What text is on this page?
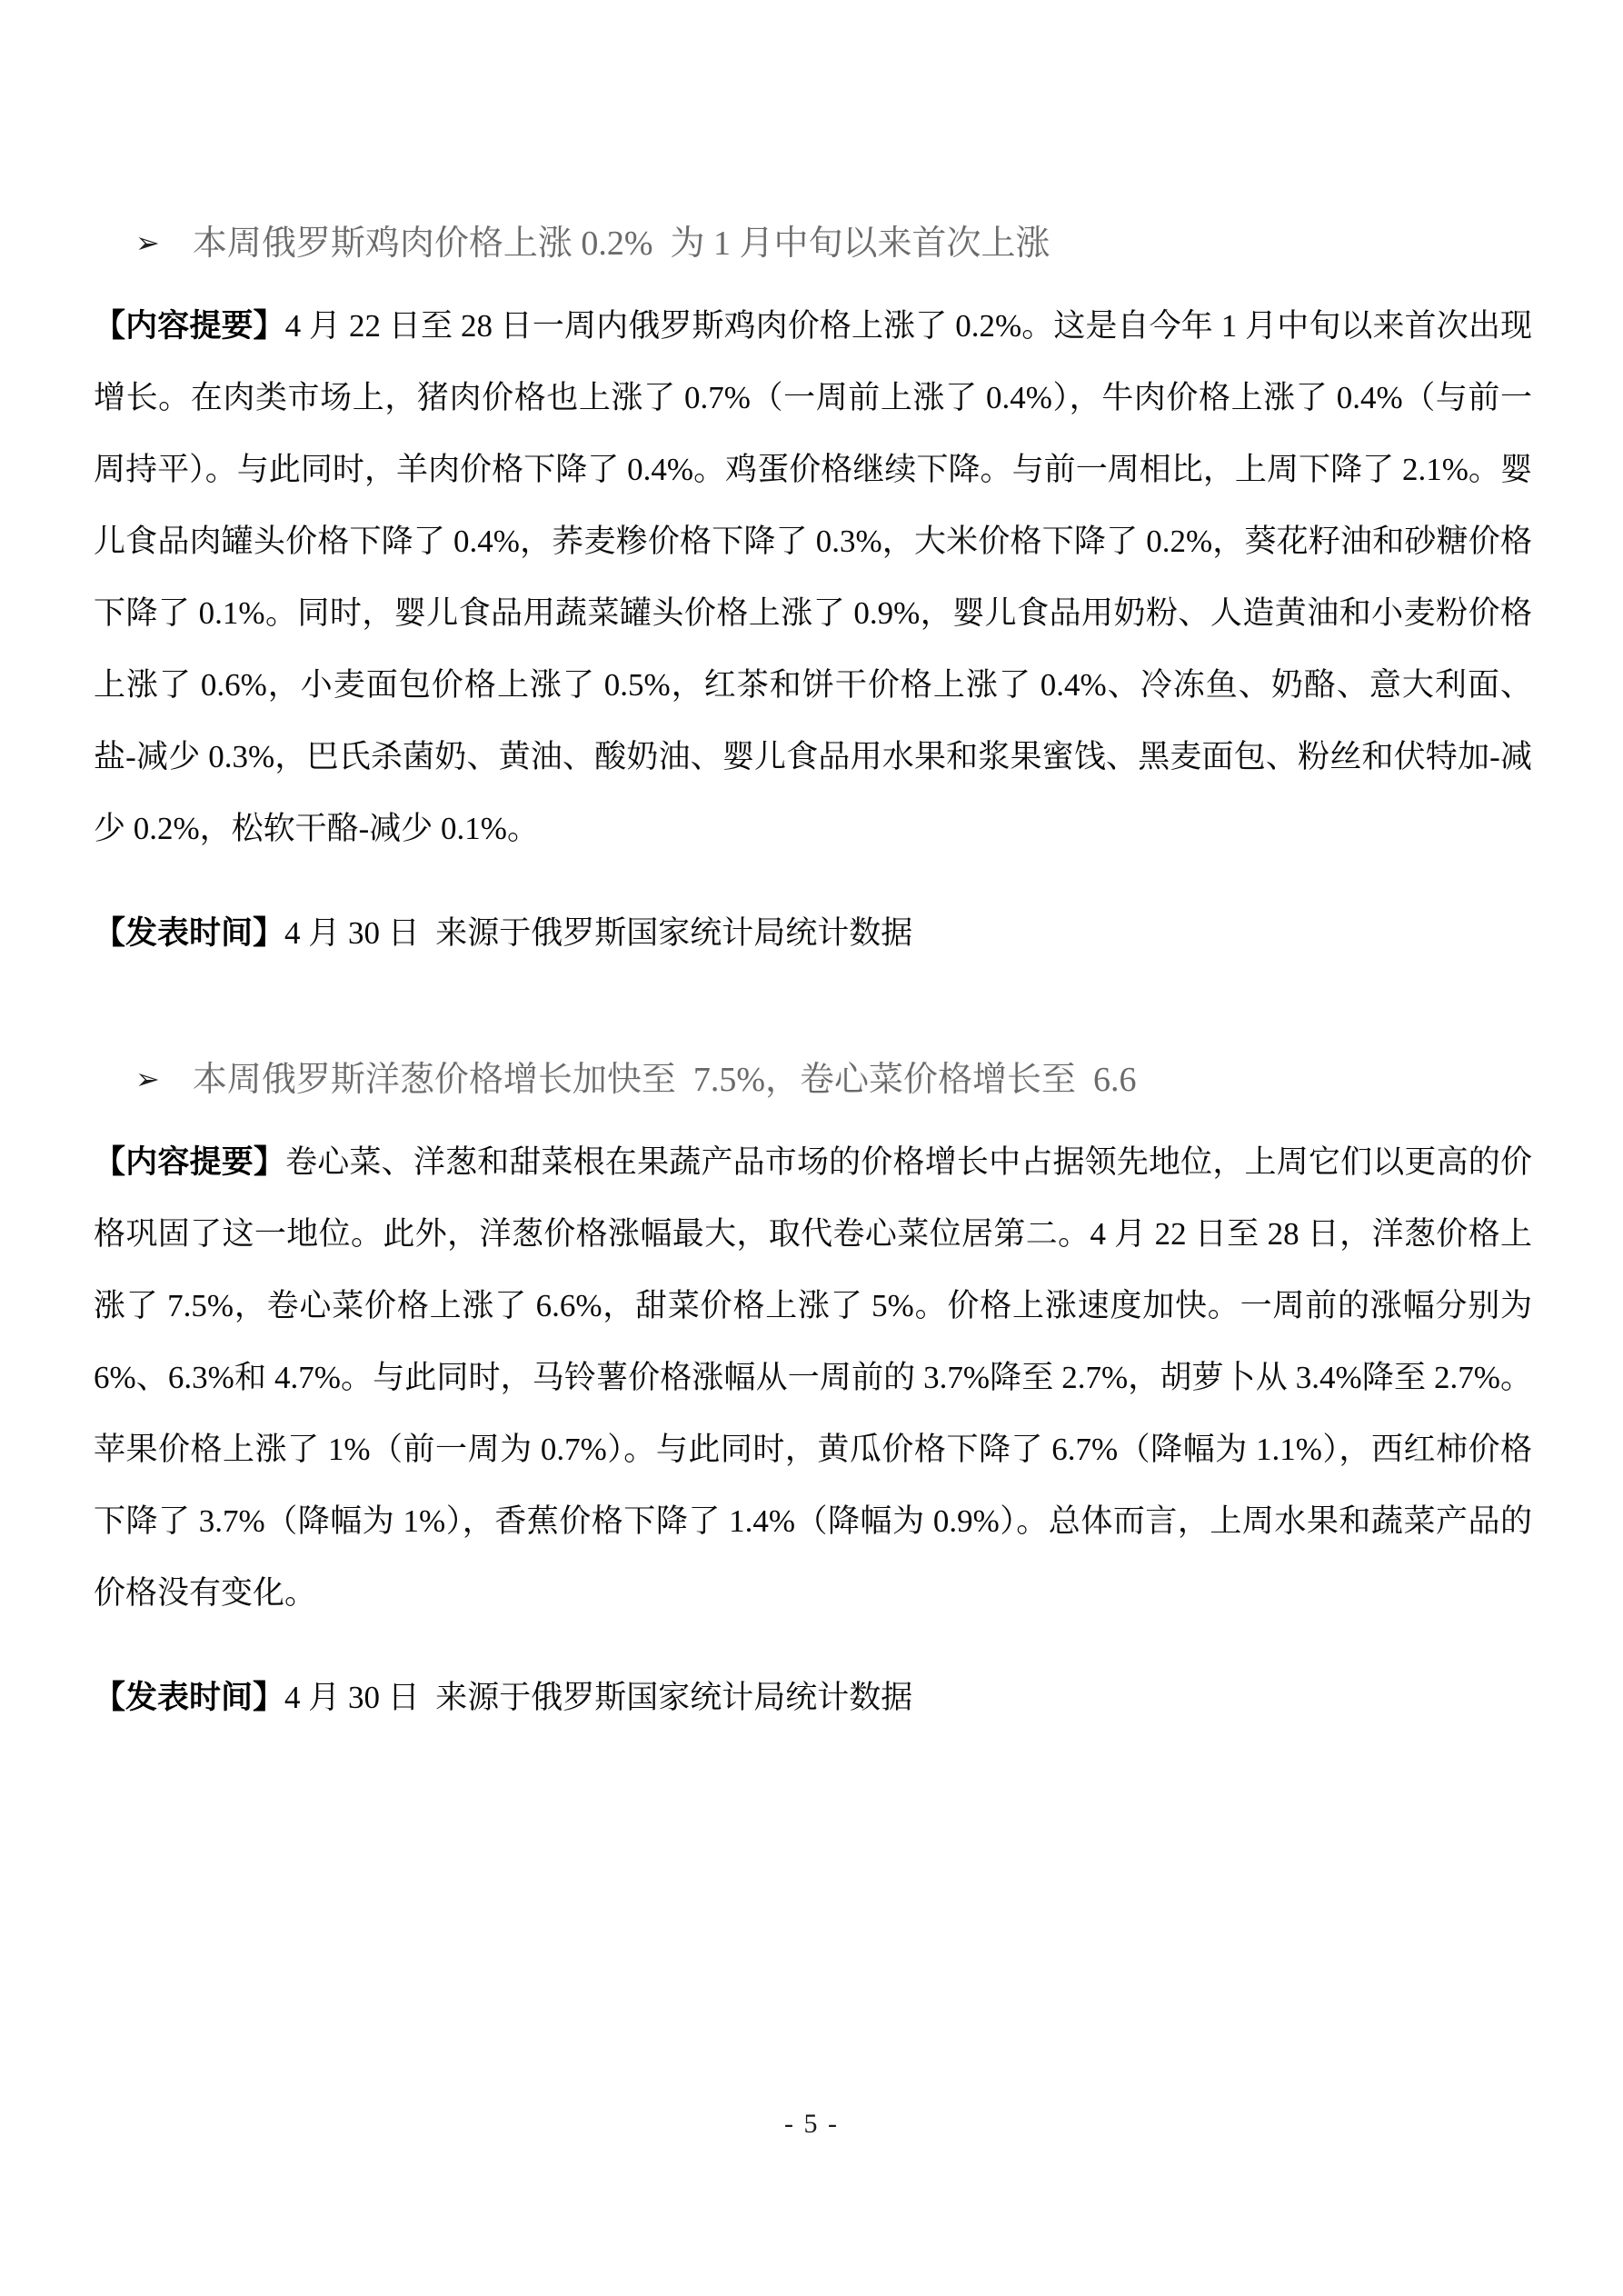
➢ 本周俄罗斯鸡肉价格上涨 0.2%  为 1 月中旬以来首次上涨

【内容提要】4 月 22 日至 28 日一周内俄罗斯鸡肉价格上涨了 0.2%。这是自今年 1 月中旬以来首次出现增长。在肉类市场上，猪肉价格也上涨了 0.7%（一周前上涨了 0.4%），牛肉价格上涨了 0.4%（与前一周持平）。与此同时，羊肉价格下降了 0.4%。鸡蛋价格继续下降。与前一周相比，上周下降了 2.1%。婴儿食品肉罐头价格下降了 0.4%，荞麦糁价格下降了 0.3%，大米价格下降了 0.2%，葵花籽油和砂糖价格下降了 0.1%。同时，婴儿食品用蔬菜罐头价格上涨了 0.9%，婴儿食品用奶粉、人造黄油和小麦粉价格上涨了 0.6%，小麦面包价格上涨了 0.5%，红茶和饼干价格上涨了 0.4%、冷冻鱼、奶酪、意大利面、盐-减少 0.3%，巴氏杀菌奶、黄油、酸奶油、婴儿食品用水果和浆果蜜饯、黑麦面包、粉丝和伏特加-减少 0.2%，松软干酪-减少 0.1%。

【发表时间】4 月 30 日  来源于俄罗斯国家统计局统计数据

➢ 本周俄罗斯洋葱价格增长加快至  7.5%，卷心菜价格增长至  6.6

【内容提要】卷心菜、洋葱和甜菜根在果蔬产品市场的价格增长中占据领先地位，上周它们以更高的价格巩固了这一地位。此外，洋葱价格涨幅最大，取代卷心菜位居第二。4 月 22 日至 28 日，洋葱价格上涨了 7.5%，卷心菜价格上涨了 6.6%，甜菜价格上涨了 5%。价格上涨速度加快。一周前的涨幅分别为 6%、6.3%和 4.7%。与此同时，马铃薯价格涨幅从一周前的 3.7%降至 2.7%，胡萝卜从 3.4%降至 2.7%。苹果价格上涨了 1%（前一周为 0.7%）。与此同时，黄瓜价格下降了 6.7%（降幅为 1.1%），西红柿价格下降了 3.7%（降幅为 1%），香蕉价格下降了 1.4%（降幅为 0.9%）。总体而言，上周水果和蔬菜产品的价格没有变化。

【发表时间】4 月 30 日  来源于俄罗斯国家统计局统计数据

- 5 -
